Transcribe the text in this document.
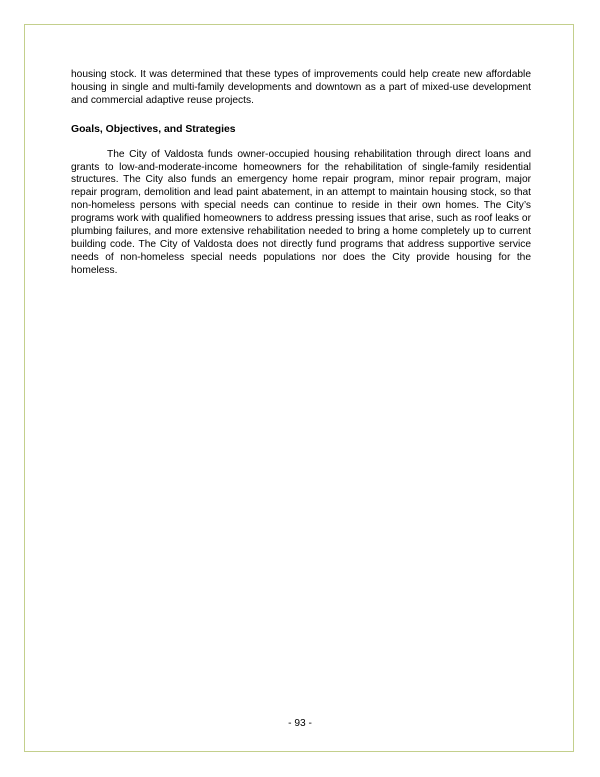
housing stock. It was determined that these types of improvements could help create new affordable housing in single and multi-family developments and downtown as a part of mixed-use development and commercial adaptive reuse projects.

Goals, Objectives, and Strategies

The City of Valdosta funds owner-occupied housing rehabilitation through direct loans and grants to low-and-moderate-income homeowners for the rehabilitation of single-family residential structures. The City also funds an emergency home repair program, minor repair program, major repair program, demolition and lead paint abatement, in an attempt to maintain housing stock, so that non-homeless persons with special needs can continue to reside in their own homes. The City’s programs work with qualified homeowners to address pressing issues that arise, such as roof leaks or plumbing failures, and more extensive rehabilitation needed to bring a home completely up to current building code. The City of Valdosta does not directly fund programs that address supportive service needs of non-homeless special needs populations nor does the City provide housing for the homeless.

- 93 -
